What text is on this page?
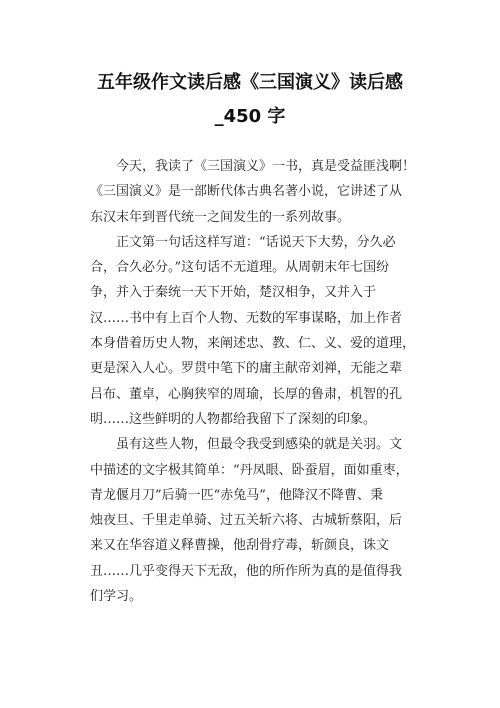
五年级作文读后感《三国演义》读后感
_450 字
今天，我读了《三国演义》一书，真是受益匪浅啊！
《三国演义》是一部断代体古典名著小说，它讲述了从
东汉末年到晋代统一之间发生的一系列故事。
正文第一句话这样写道：“话说天下大势，分久必
合，合久必分。”这句话不无道理。从周朝末年七国纷
争，并入于秦统一天下开始，楚汉相争，又并入于
汉……书中有上百个人物、无数的军事谋略，加上作者
本身借着历史人物，来阐述忠、教、仁、义、爱的道理，
更是深入人心。罗贯中笔下的庸主献帝刘禅，无能之辈
吕布、董卓，心胸狭窄的周瑜，长厚的鲁肃，机智的孔
明……这些鲜明的人物都给我留下了深刻的印象。
虽有这些人物，但最令我受到感染的就是关羽。文
中描述的文字极其简单：“丹凤眼、卧蚕眉，面如重枣，
青龙偃月刀”后骑一匹“赤兔马”，他降汉不降曹、秉
烛夜旦、千里走单骑、过五关斩六将、古城斩蔡阳，后
来又在华容道义释曹操，他刮骨疗毒，斩颜良，诛文
丑……几乎变得天下无敌，他的所作所为真的是值得我
们学习。
